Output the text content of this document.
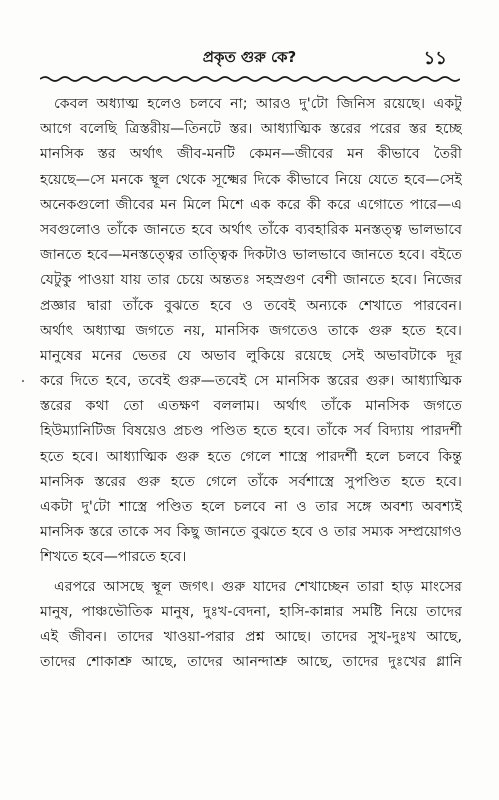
প্রকৃত গুরু কে?	১১
কেবল অধ্যাত্ম হলেও চলবে না; আরও দু'টো জিনিস রয়েছে। একটু
আগে বলেছি ত্রিস্তরীয়—তিনটে স্তর। আধ্যাত্মিক স্তরের পরের স্তর হচ্ছে
মানসিক স্তর অর্থাৎ জীব-মনটি কেমন—জীবের মন কীভাবে তৈরী
হয়েছে—সে মনকে স্থূল থেকে সূক্ষ্মের দিকে কীভাবে নিয়ে যেতে হবে—সেই
অনেকগুলো জীবের মন মিলে মিশে এক করে কী করে এগোতে পারে—এ
সবগুলোও তাঁকে জানতে হবে অর্থাৎ তাঁকে ব্যবহারিক মনস্তত্ত্ব ভালভাবে
জানতে হবে—মনস্তত্ত্বের তাত্ত্বিক দিকটাও ভালভাবে জানতে হবে। বইতে
যেটুকু পাওয়া যায় তার চেয়ে অন্ততঃ সহস্রগুণ বেশী জানতে হবে। নিজের
প্রজ্ঞার দ্বারা তাঁকে বুঝতে হবে ও তবেই অন্যকে শেখাতে পারবেন।
অর্থাৎ অধ্যাত্ম জগতে নয়, মানসিক জগতেও তাকে গুরু হতে হবে।
মানুষের মনের ভেতর যে অভাব লুকিয়ে রয়েছে সেই অভাবটাকে দূর
করে দিতে হবে, তবেই গুরু—তবেই সে মানসিক স্তরের গুরু। আধ্যাত্মিক
স্তরের কথা তো এতক্ষণ বললাম। অর্থাৎ তাঁকে মানসিক জগতে
হিউম্যানিটিজ বিষয়েও প্রচণ্ড পণ্ডিত হতে হবে। তাঁকে সর্ব বিদ্যায় পারদর্শী
হতে হবে। আধ্যাত্মিক গুরু হতে গেলে শাস্ত্রে পারদর্শী হলে চলবে কিন্তু
মানসিক স্তরের গুরু হতে গেলে তাঁকে সর্বশাস্ত্রে সুপণ্ডিত হতে হবে।
একটা দু'টো শাস্ত্রে পণ্ডিত হলে চলবে না ও তার সঙ্গে অবশ্য অবশ্যই
মানসিক স্তরে তাকে সব কিছু জানতে বুঝতে হবে ও তার সম্যক সম্প্রয়োগও
শিখতে হবে—পারতে হবে।
এরপরে আসছে স্থূল জগৎ। গুরু যাদের শেখাচ্ছেন তারা হাড় মাংসের
মানুষ, পাঞ্চভৌতিক মানুষ, দুঃখ-বেদনা, হাসি-কান্নার সমষ্টি নিয়ে তাদের
এই জীবন। তাদের খাওয়া-পরার প্রশ্ন আছে। তাদের সুখ-দুঃখ আছে,
তাদের শোকাশ্রু আছে, তাদের আনন্দাশ্রু আছে, তাদের দুঃখের গ্লানি
